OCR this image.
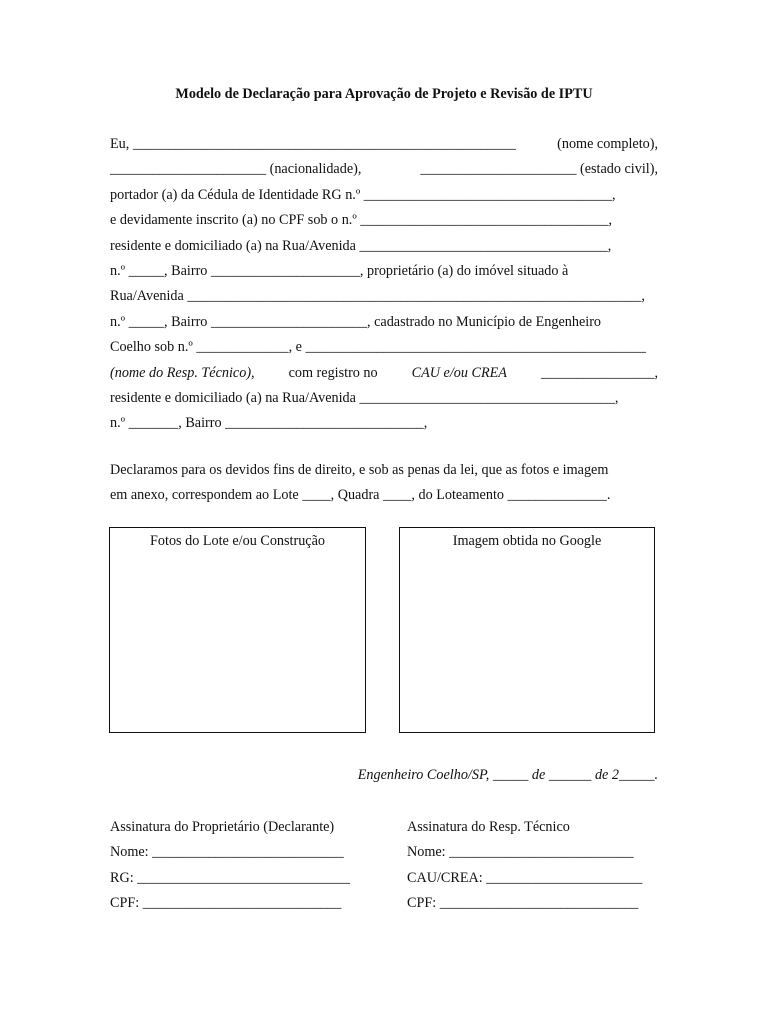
Modelo de Declaração para Aprovação de Projeto e Revisão de IPTU
Eu, ______________________________________________________	(nome completo),
______________________ (nacionalidade),	______________________ (estado civil),
portador (a) da Cédula de Identidade RG n.º ___________________________________,
e devidamente inscrito (a) no CPF sob o n.º ___________________________________,
residente e domiciliado (a) na Rua/Avenida ___________________________________,
n.º _____, Bairro _____________________, proprietário (a) do imóvel situado à
Rua/Avenida ________________________________________________________________,
n.º _____, Bairro ______________________, cadastrado no Município de Engenheiro
Coelho sob n.º _____________, e ________________________________________________
(nome do Resp. Técnico), com registro no CAU e/ou CREA ________________,
residente e domiciliado (a) na Rua/Avenida ____________________________________,
n.º _______, Bairro ____________________________,
Declaramos para os devidos fins de direito, e sob as penas da lei, que as fotos e imagem
em anexo, correspondem ao Lote ____, Quadra ____, do Loteamento ______________.
Fotos do Lote e/ou Construção	Imagem obtida no Google
Engenheiro Coelho/SP, _____ de ______ de 2_____.
Assinatura do Proprietário (Declarante)
Nome: ___________________________
RG: ______________________________
CPF: ____________________________
Assinatura do Resp. Técnico
Nome: __________________________
CAU/CREA: ______________________
CPF: ____________________________
